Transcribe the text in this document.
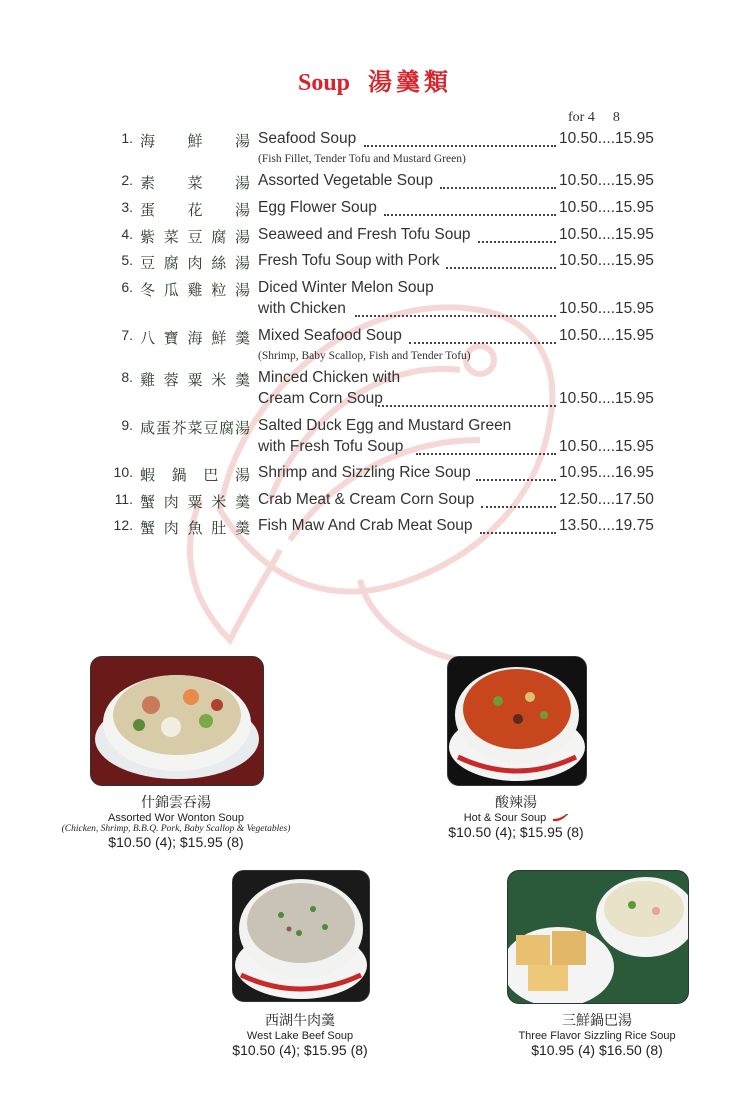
Soup 湯羹類
for 4 8
1. 海 鮮 湯 Seafood Soup	10.50....15.95
(Fish Fillet, Tender Tofu and Mustard Green)
2. 素 菜 湯 Assorted Vegetable Soup	10.50....15.95
3. 蛋 花 湯 Egg Flower Soup	10.50....15.95
4. 紫 菜 豆 腐 湯 Seaweed and Fresh Tofu Soup	10.50....15.95
5. 豆 腐 肉 絲 湯 Fresh Tofu Soup with Pork	10.50....15.95
6. 冬 瓜 雞 粒 湯 Diced Winter Melon Soup
with Chicken	10.50....15.95
7. 八 寶 海 鮮 羹 Mixed Seafood Soup	10.50....15.95
(Shrimp, Baby Scallop, Fish and Tender Tofu)
8. 雞 蓉 粟 米 羹 Minced Chicken with
Cream Corn Soup	10.50....15.95
9. 咸 蛋 芥 菜 豆 腐 湯 Salted Duck Egg and Mustard Green
with Fresh Tofu Soup	10.50....15.95
10. 蝦 鍋 巴 湯 Shrimp and Sizzling Rice Soup	10.95....16.95
11. 蟹 肉 粟 米 羹 Crab Meat & Cream Corn Soup	12.50....17.50
12. 蟹 肉 魚 肚 羹 Fish Maw And Crab Meat Soup	13.50....19.75
什錦雲吞湯
Assorted Wor Wonton Soup
(Chicken, Shrimp, B.B.Q. Pork, Baby Scallop & Vegetables)
$10.50 (4); $15.95 (8)
酸辣湯
Hot & Sour Soup
$10.50 (4); $15.95 (8)
西湖牛肉羹
West Lake Beef Soup
$10.50 (4); $15.95 (8)
三鮮鍋巴湯
Three Flavor Sizzling Rice Soup
$10.95 (4) $16.50 (8)
